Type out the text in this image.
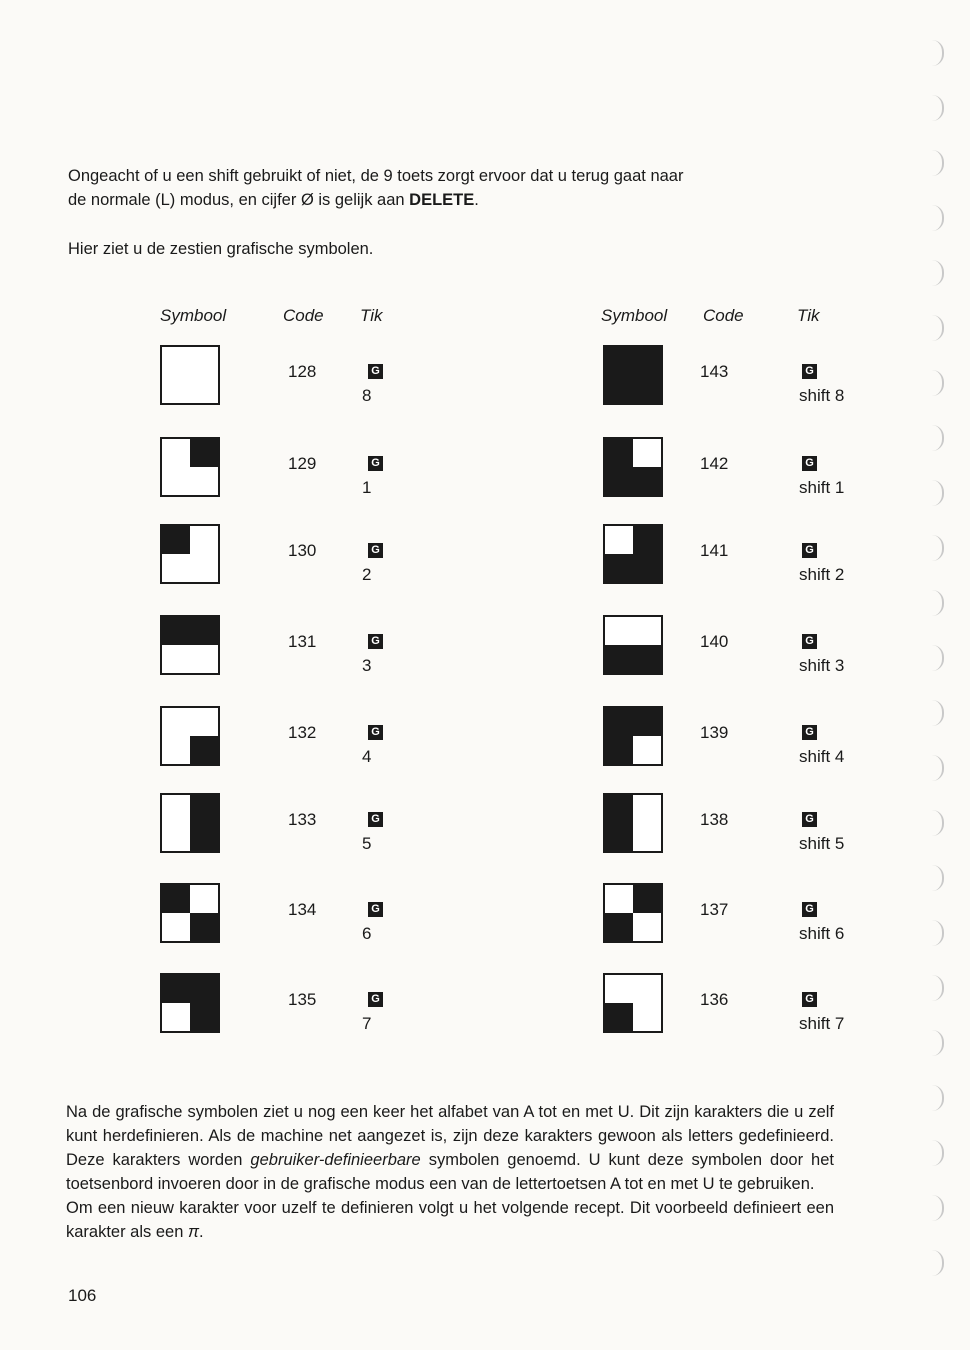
Ongeacht of u een shift gebruikt of niet, de 9 toets zorgt ervoor dat u terug gaat naar
de normale (L) modus, en cijfer Ø is gelijk aan DELETE.
Hier ziet u de zestien grafische symbolen.
Symbool	Code Tik	Symbool Code	Tik
128	G
8
129	G
1
130	G
2
131	G
3
132	G
4
133	G
5
134	G
6
135	G
7
143	G
shift 8
142	G
shift 1
141	G
shift 2
140	G
shift 3
139	G
shift 4
138	G
shift 5
137	G
shift 6
136	G
shift 7

Na de grafische symbolen ziet u nog een keer het alfabet van A tot en met U. Dit zijn karakters die u zelf kunt herdefinieren. Als de machine net aangezet is, zijn deze karakters gewoon als letters gedefinieerd. Deze karakters worden gebruiker-definieerbare symbolen genoemd. U kunt deze symbolen door het toetsenbord invoeren door in de grafische modus een van de lettertoetsen A tot en met U te gebruiken.

Om een nieuw karakter voor uzelf te definieren volgt u het volgende recept. Dit voorbeeld definieert een karakter als een π.

106
